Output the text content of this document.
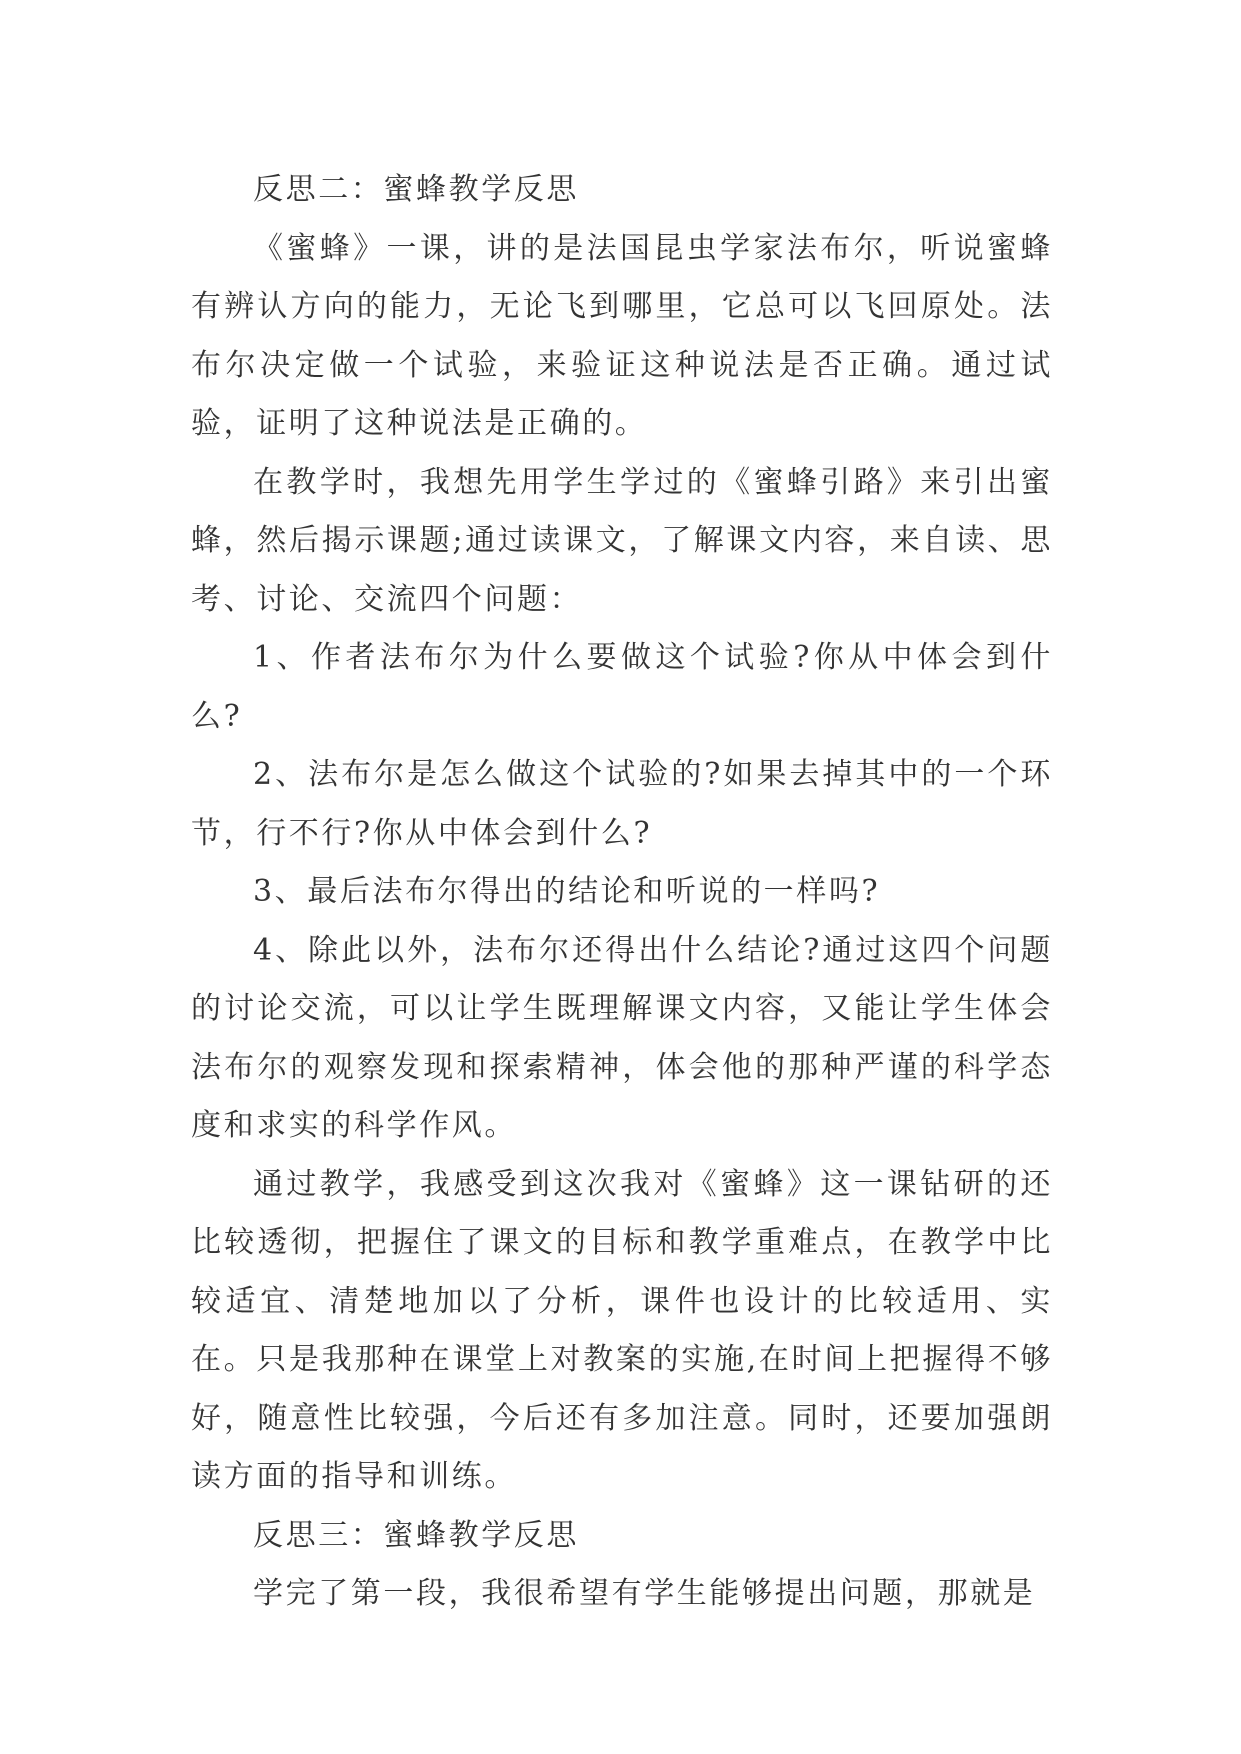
反思二：蜜蜂教学反思

《蜜蜂》一课，讲的是法国昆虫学家法布尔，听说蜜蜂有辨认方向的能力，无论飞到哪里，它总可以飞回原处。法布尔决定做一个试验，来验证这种说法是否正确。通过试验，证明了这种说法是正确的。

在教学时，我想先用学生学过的《蜜蜂引路》来引出蜜蜂，然后揭示课题;通过读课文，了解课文内容，来自读、思考、讨论、交流四个问题：

1、作者法布尔为什么要做这个试验?你从中体会到什么?

2、法布尔是怎么做这个试验的?如果去掉其中的一个环节，行不行?你从中体会到什么?

3、最后法布尔得出的结论和听说的一样吗?

4、除此以外，法布尔还得出什么结论?通过这四个问题的讨论交流，可以让学生既理解课文内容，又能让学生体会法布尔的观察发现和探索精神，体会他的那种严谨的科学态度和求实的科学作风。

通过教学，我感受到这次我对《蜜蜂》这一课钻研的还比较透彻，把握住了课文的目标和教学重难点，在教学中比较适宜、清楚地加以了分析，课件也设计的比较适用、实在。只是我那种在课堂上对教案的实施,在时间上把握得不够好，随意性比较强，今后还有多加注意。同时，还要加强朗读方面的指导和训练。

反思三：蜜蜂教学反思

学完了第一段，我很希望有学生能够提出问题，那就是
